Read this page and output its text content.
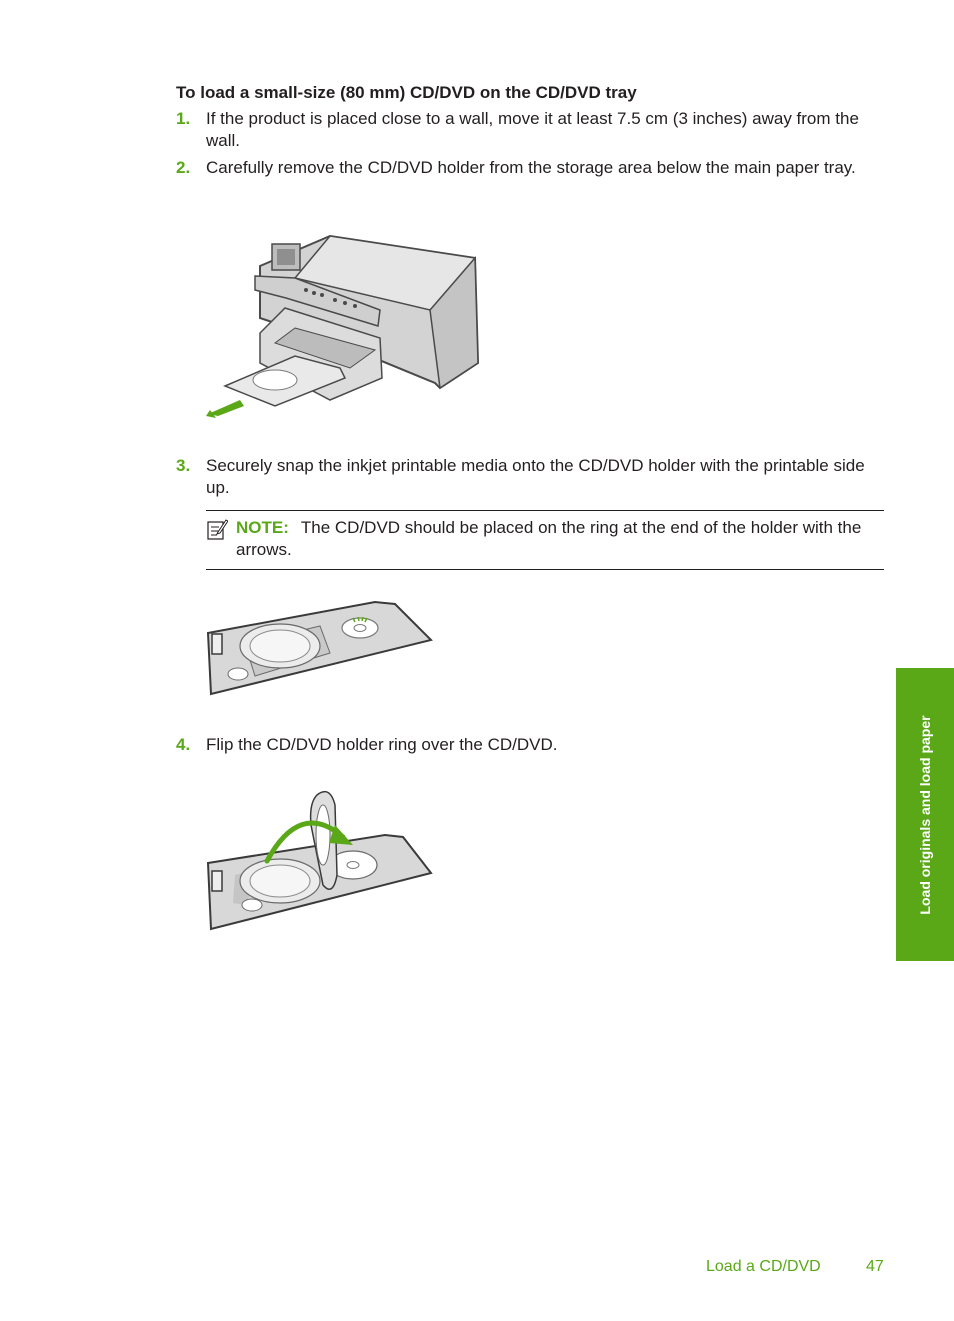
To load a small-size (80 mm) CD/DVD on the CD/DVD tray
1. If the product is placed close to a wall, move it at least 7.5 cm (3 inches) away from the wall.
2. Carefully remove the CD/DVD holder from the storage area below the main paper tray.
3. Securely snap the inkjet printable media onto the CD/DVD holder with the printable side up.
NOTE: The CD/DVD should be placed on the ring at the end of the holder with the arrows.
4. Flip the CD/DVD holder ring over the CD/DVD.	Load originals and load paper
Load a CD/DVD	47
